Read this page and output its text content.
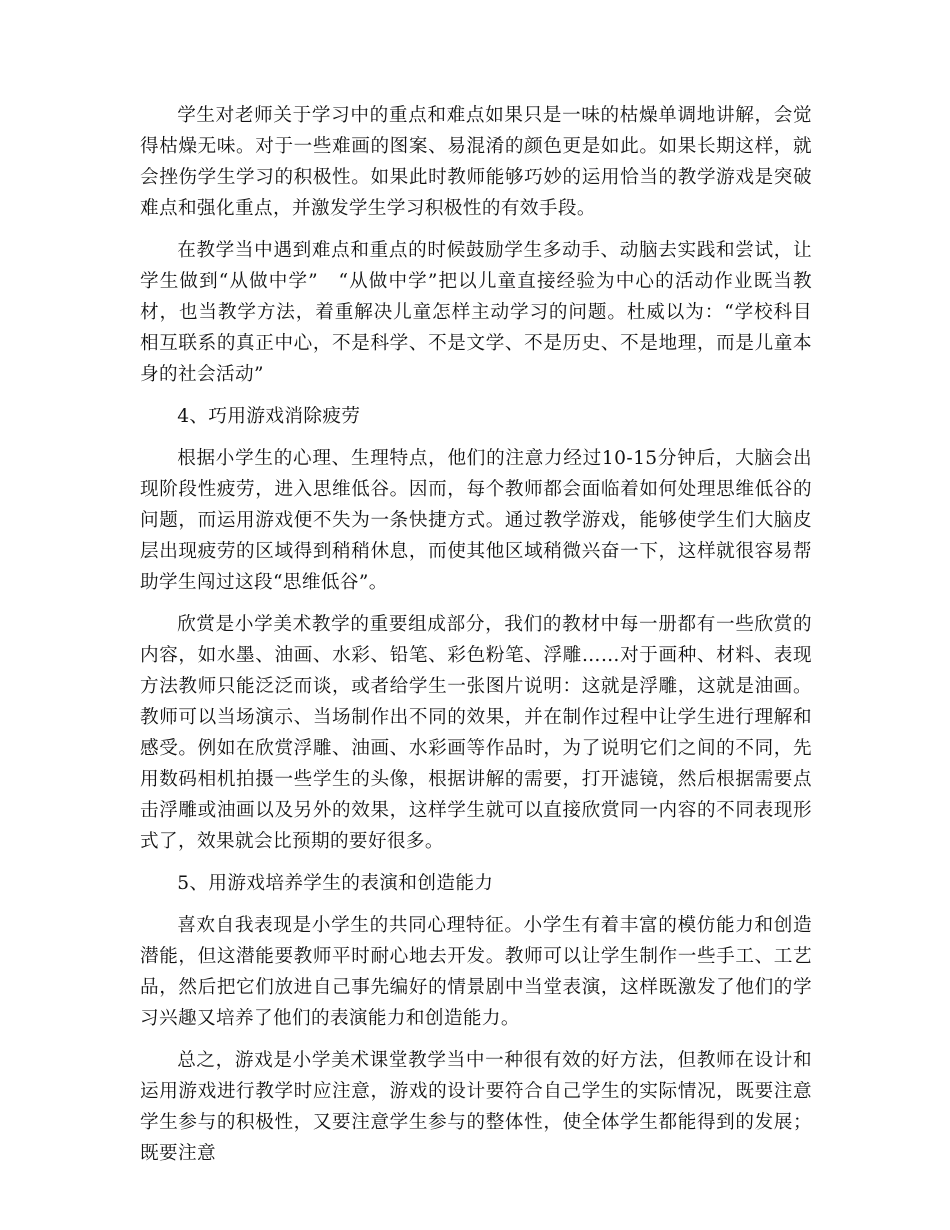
学生对老师关于学习中的重点和难点如果只是一味的枯燥单调地讲解，会觉得枯燥无味。对于一些难画的图案、易混淆的颜色更是如此。如果长期这样，就会挫伤学生学习的积极性。如果此时教师能够巧妙的运用恰当的教学游戏是突破难点和强化重点，并激发学生学习积极性的有效手段。

在教学当中遇到难点和重点的时候鼓励学生多动手、动脑去实践和尝试，让学生做到“从做中学”　“从做中学”把以儿童直接经验为中心的活动作业既当教材，也当教学方法，着重解决儿童怎样主动学习的问题。杜威以为：“学校科目相互联系的真正中心，不是科学、不是文学、不是历史、不是地理，而是儿童本身的社会活动”

4、巧用游戏消除疲劳

根据小学生的心理、生理特点，他们的注意力经过10-15分钟后，大脑会出现阶段性疲劳，进入思维低谷。因而，每个教师都会面临着如何处理思维低谷的问题，而运用游戏便不失为一条快捷方式。通过教学游戏，能够使学生们大脑皮层出现疲劳的区域得到稍稍休息，而使其他区域稍微兴奋一下，这样就很容易帮助学生闯过这段“思维低谷”。

欣赏是小学美术教学的重要组成部分，我们的教材中每一册都有一些欣赏的内容，如水墨、油画、水彩、铅笔、彩色粉笔、浮雕……对于画种、材料、表现方法教师只能泛泛而谈，或者给学生一张图片说明：这就是浮雕，这就是油画。教师可以当场演示、当场制作出不同的效果，并在制作过程中让学生进行理解和感受。例如在欣赏浮雕、油画、水彩画等作品时，为了说明它们之间的不同，先用数码相机拍摄一些学生的头像，根据讲解的需要，打开滤镜，然后根据需要点击浮雕或油画以及另外的效果，这样学生就可以直接欣赏同一内容的不同表现形式了，效果就会比预期的要好很多。

5、用游戏培养学生的表演和创造能力

喜欢自我表现是小学生的共同心理特征。小学生有着丰富的模仿能力和创造潜能，但这潜能要教师平时耐心地去开发。教师可以让学生制作一些手工、工艺品，然后把它们放进自己事先编好的情景剧中当堂表演，这样既激发了他们的学习兴趣又培养了他们的表演能力和创造能力。

总之，游戏是小学美术课堂教学当中一种很有效的好方法，但教师在设计和运用游戏进行教学时应注意，游戏的设计要符合自己学生的实际情况，既要注意学生参与的积极性，又要注意学生参与的整体性，使全体学生都能得到的发展；既要注意
